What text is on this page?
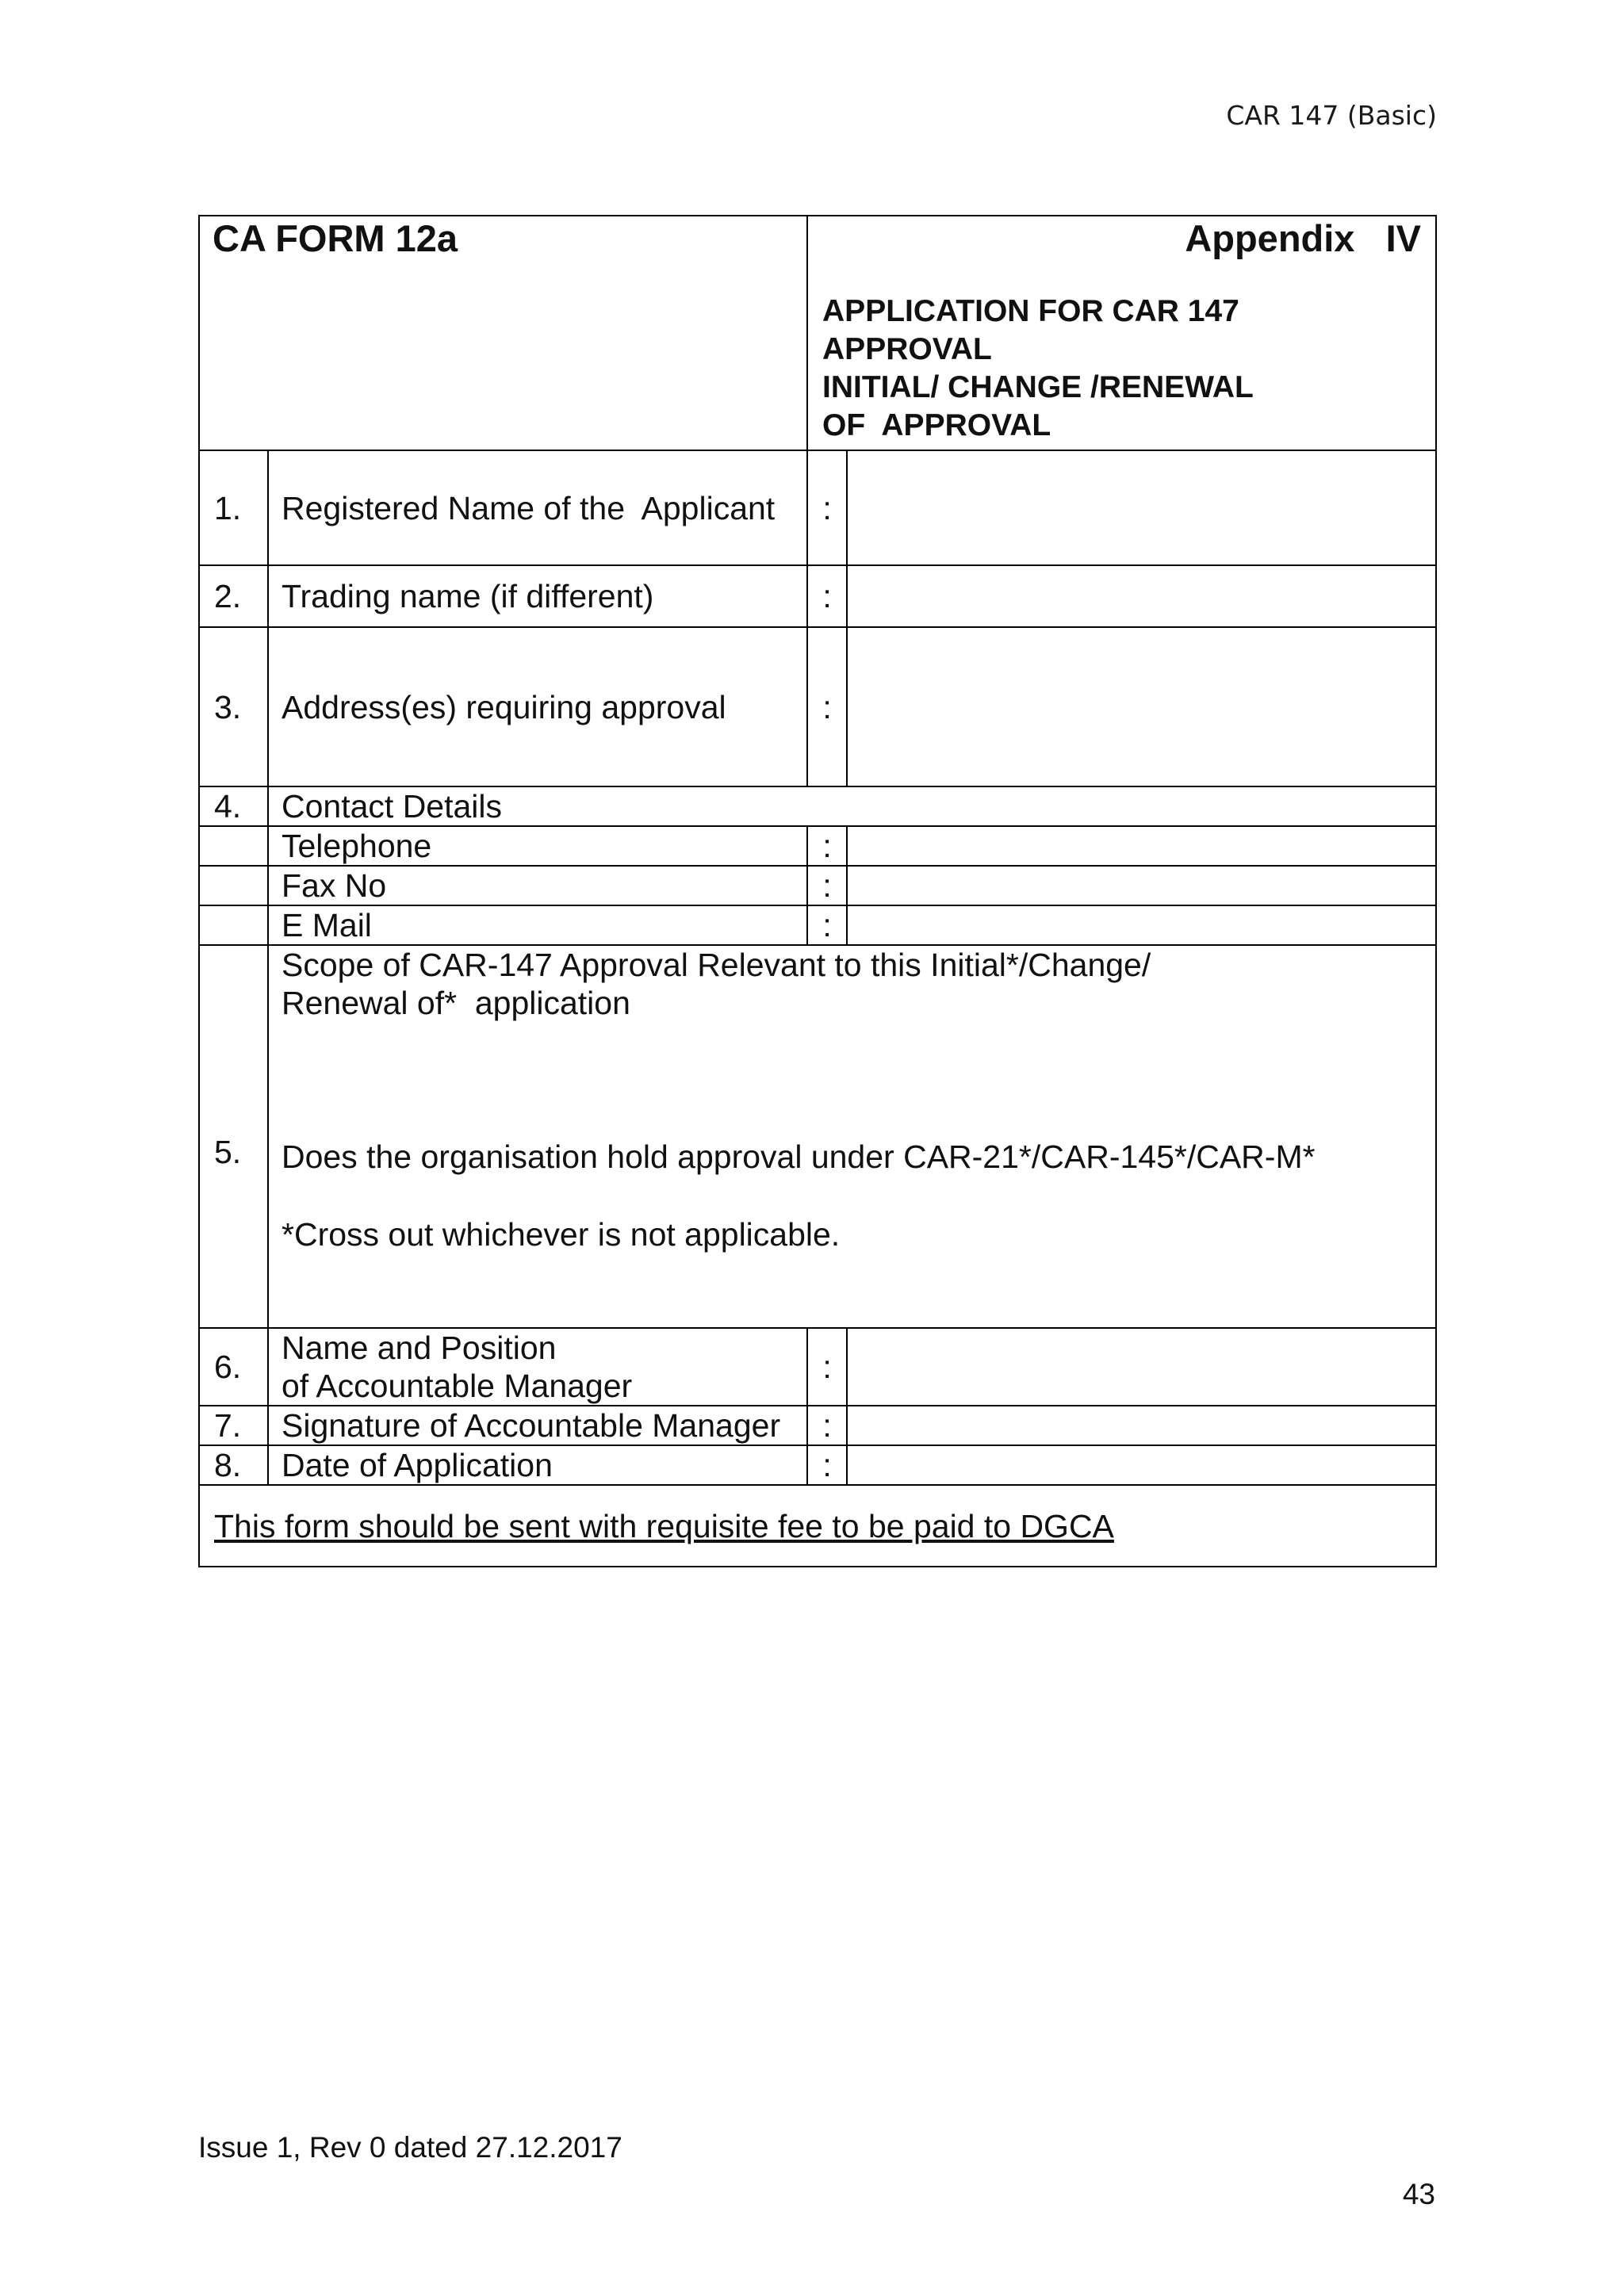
CAR 147 (Basic)
CA FORM 12a		Appendix   IV
APPLICATION FOR CAR 147
APPROVAL
INITIAL/ CHANGE /RENEWAL
OF  APPROVAL	

1.	Registered Name of the  Applicant	:	
2.	Trading name (if different)	:	
3.	Address(es) requiring approval	:	
4.	Contact Details		
	Telephone	:	
	Fax No	:	
	E Mail	:	
5.	Scope of CAR-147 Approval Relevant to this Initial*/Change/
Renewal of*  application
Does the organisation hold approval under CAR-21*/CAR-145*/CAR-M*
*Cross out whichever is not applicable.		

6.	Name and Position
of Accountable Manager	:	
7.	Signature of Accountable Manager	:	
8.	Date of Application	:	
This form should be sent with requisite fee to be paid to DGCA			
Issue 1, Rev 0 dated 27.12.2017
43
